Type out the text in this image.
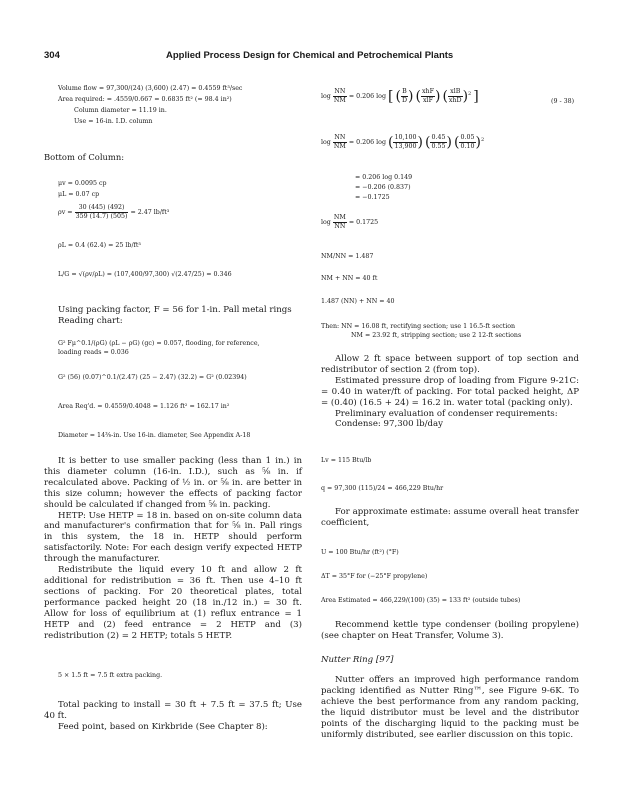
304	Applied Process Design for Chemical and Petrochemical Plants
Volume flow = 97,300/(24) (3,600) (2.47) = 0.4559 ft³/sec
Area required: = .4559/0.667 = 0.6835 ft² (= 98.4 in²)
Column diameter = 11.19 in.
Use = 16-in. I.D. column
Bottom of Column:
μv = 0.0095 cp
μL = 0.07 cp
$\rho v = \frac{30 (445) (492)}{359 (14.7) (505)} = 2.47$ lb/ft³
ρL = 0.4 (62.4) = 25 lb/ft³
L/G = √(ρv/ρL) = (107,400/97,300) √(2.47/25) = 0.346

Using packing factor, F = 56 for 1-in. Pall metal rings

Reading chart:

G² Fμ^0.1/(ρG) (ρL − ρG) (gc) = 0.057, flooding, for reference,
loading reads = 0.036
G² (56) (0.07)^0.1/(2.47) (25 − 2.47) (32.2) = G² (0.02394)
Area Req'd. = 0.4559/0.4048 = 1.126 ft² = 162.17 in²
Diameter = 14⅜-in. Use 16-in. diameter, See Appendix A-18

It is better to use smaller packing (less than 1 in.) in this diameter column (16-in. I.D.), such as ⅝ in. if recalculated above. Packing of ½ in. or ⅝ in. are better in this size column; however the effects of packing factor should be calculated if changed from ⅝ in. packing.

HETP: Use HETP = 18 in. based on on-site column data and manufacturer's confirmation that for ⅝ in. Pall rings in this system, the 18 in. HETP should perform satisfactorily. Note: For each design verify expected HETP through the manufacturer.

Redistribute the liquid every 10 ft and allow 2 ft additional for redistribution = 36 ft. Then use 4–10 ft sections of packing. For 20 theoretical plates, total performance packed height 20 (18 in./12 in.) = 30 ft. Allow for loss of equilibrium at (1) reflux entrance = 1 HETP and (2) feed entrance = 2 HETP and (3) redistribution (2) = 2 HETP; totals 5 HETP.

5 × 1.5 ft = 7.5 ft extra packing.

Total packing to install = 30 ft + 7.5 ft = 37.5 ft; Use 40 ft.

Feed point, based on Kirkbride (See Chapter 8):

$\log \frac{NN}{NM} = 0.206$ log [ ( $\frac{B}{D}$ ) ( $\frac{\text{xhF}}{\text{xlF}}$ ) ( $\frac{\text{xlB}}{\text{xhD}} )^2$ ]	(9 - 38)
$\log \frac{NN}{NM} = 0.206$ log ( $\frac{10,100}{13,900}$ ) ( $\frac{0.45}{0.55}$ ) ( $\frac{0.05}{0.10} )^2$
= 0.206 log 0.149
= −0.206 (0.837)
= −0.1725
$\log \frac{NM}{NN} = 0.1725$
NM/NN = 1.487
NM + NN = 40 ft
1.487 (NN) + NN = 40
Then: NN = 16.08 ft, rectifying section; use 1 16.5-ft section
NM = 23.92 ft, stripping section; use 2 12-ft sections

Allow 2 ft space between support of top section and redistributor of section 2 (from top).

Estimated pressure drop of loading from Figure 9-21C: = 0.40 in water/ft of packing. For total packed height, ΔP = (0.40) (16.5 + 24) = 16.2 in. water total (packing only).

Preliminary evaluation of condenser requirements:

Condense: 97,300 lb/day

Lv = 115 Btu/lb
q = 97,300 (115)/24 = 466,229 Btu/hr

For approximate estimate: assume overall heat transfer coefficient,

U = 100 Btu/hr (ft²) (°F)
ΔT = 35°F for (−25°F propylene)
Area Estimated = 466,229/(100) (35) = 133 ft² (outside tubes)

Recommend kettle type condenser (boiling propylene) (see chapter on Heat Transfer, Volume 3).

Nutter Ring [97]

Nutter offers an improved high performance random packing identified as Nutter Ring™, see Figure 9-6K. To achieve the best performance from any random packing, the liquid distributor must be level and the distributor points of the discharging liquid to the packing must be uniformly distributed, see earlier discussion on this topic.
